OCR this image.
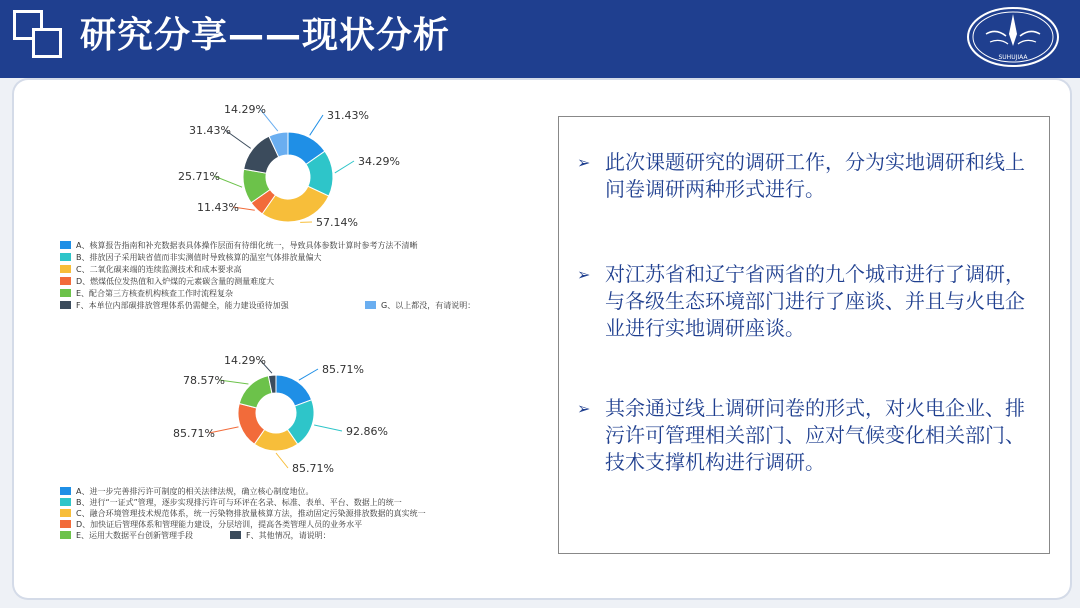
研究分享——现状分析
SUHUJIAA
31.43%
34.29%
57.14%
11.43%
25.71%
31.43%
14.29%
A、核算报告指南和补充数据表具体操作层面有待细化统一，导致具体参数计算时参考方法不清晰
B、排放因子采用缺省值而非实测值时导致核算的温室气体排放量偏大
C、二氧化碳来端的连续监测技术和成本要求高
D、燃煤低位发热值和入炉煤的元素碳含量的测量难度大
E、配合第三方核查机构核查工作时流程复杂
F、本单位内部碳排放管理体系仍需健全，能力建设亟待加强	G、以上都没，有请说明：
85.71%
92.86%
85.71%
85.71%
78.57%
14.29%
A、进一步完善排污许可制度的相关法律法规，确立核心制度地位。
B、进行“一证式”管理，逐步实现排污许可与环评在名录、标准、表单、平台、数据上的统一
C、融合环境管理技术规范体系，统一污染物排放量核算方法，推动固定污染源排放数据的真实统一
D、加快证后管理体系和管理能力建设，分层培训，提高各类管理人员的业务水平
E、运用大数据平台创新管理手段	F、其他情况，请说明：
➢ 此次课题研究的调研工作，分为实地调研和线上问卷调研两种形式进行。
➢ 对江苏省和辽宁省两省的九个城市进行了调研，与各级生态环境部门进行了座谈、并且与火电企业进行实地调研座谈。
➢ 其余通过线上调研问卷的形式，对火电企业、排污许可管理相关部门、应对气候变化相关部门、技术支撑机构进行调研。
